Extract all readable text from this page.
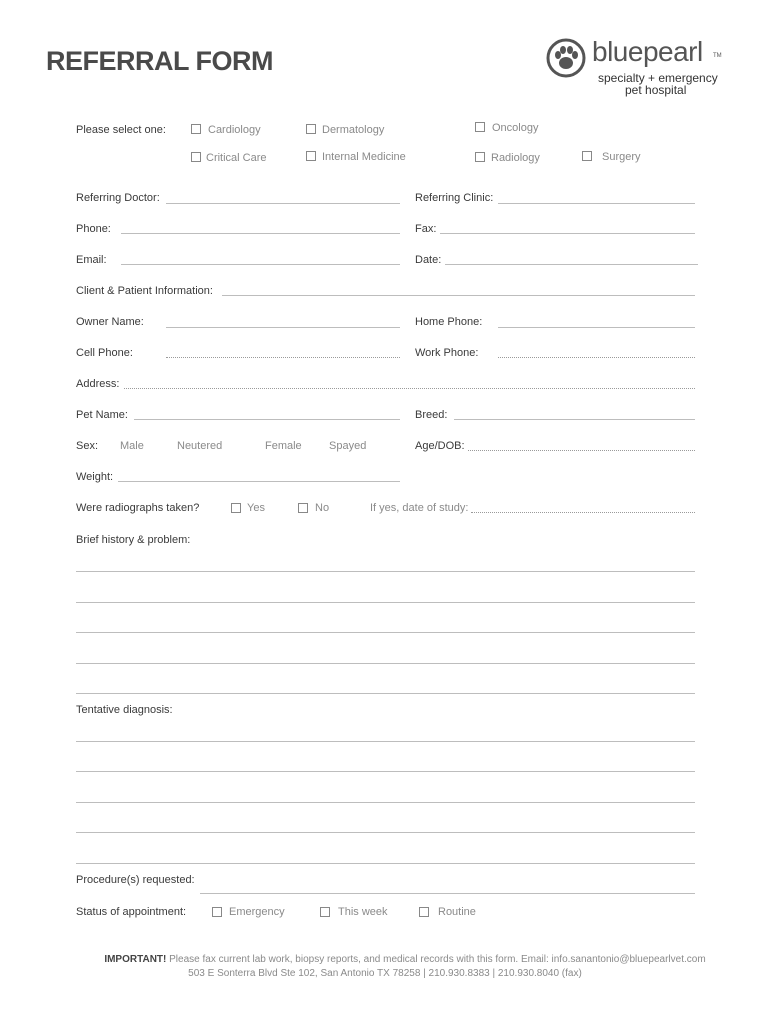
REFERRAL FORM	bluepearl TM
specialty + emergency
pet hospital
Please select one:	Cardiology	Dermatology	Oncology
Critical Care	Internal Medicine	Radiology	Surgery
Referring Doctor:	Referring Clinic:
Phone:	Fax:
Email:	Date:
Client & Patient Information:
Owner Name:	Home Phone:
Cell Phone:	Work Phone:
Address:
Pet Name:	Breed:
Sex: Male	Neutered	Female Spayed	Age/DOB:
Weight:
Were radiographs taken?	Yes	No	If yes, date of study:
Brief history & problem:
Tentative diagnosis:
Procedure(s) requested:
Status of appointment:	Emergency	This week	Routine
IMPORTANT! Please fax current lab work, biopsy reports, and medical records with this form. Email: info.sanantonio@bluepearlvet.com
503 E Sonterra Blvd Ste 102, San Antonio TX 78258 | 210.930.8383 | 210.930.8040 (fax)
